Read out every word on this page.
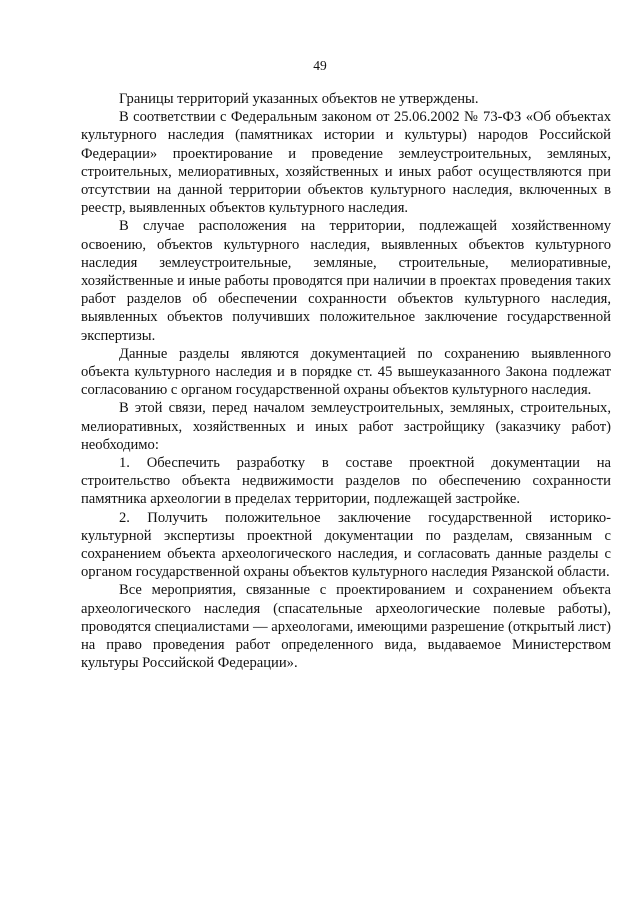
49

Границы территорий указанных объектов не утверждены.

В соответствии с Федеральным законом от 25.06.2002 № 73-ФЗ «Об объектах культурного наследия (памятниках истории и культуры) народов Российской Федерации» проектирование и проведение землеустроительных, земляных, строительных, мелиоративных, хозяйственных и иных работ осуществляются при отсутствии на данной территории объектов культурного наследия, включенных в реестр, выявленных объектов культурного наследия.

В случае расположения на территории, подлежащей хозяйственному освоению, объектов культурного наследия, выявленных объектов культурного наследия землеустроительные, земляные, строительные, мелиоративные, хозяйственные и иные работы проводятся при наличии в проектах проведения таких работ разделов об обеспечении сохранности объектов культурного наследия, выявленных объектов получивших положительное заключение государственной экспертизы.

Данные разделы являются документацией по сохранению выявленного объекта культурного наследия и в порядке ст. 45 вышеуказанного Закона подлежат согласованию с органом государственной охраны объектов культурного наследия.

В этой связи, перед началом землеустроительных, земляных, строительных, мелиоративных, хозяйственных и иных работ застройщику (заказчику работ) необходимо:

1. Обеспечить разработку в составе проектной документации на строительство объекта недвижимости разделов по обеспечению сохранности памятника археологии в пределах территории, подлежащей застройке.

2. Получить положительное заключение государственной историко-культурной экспертизы проектной документации по разделам, связанным с сохранением объекта археологического наследия, и согласовать данные разделы с органом государственной охраны объектов культурного наследия Рязанской области.

Все мероприятия, связанные с проектированием и сохранением объекта археологического наследия (спасательные археологические полевые работы), проводятся специалистами — археологами, имеющими разрешение (открытый лист) на право проведения работ определенного вида, выдаваемое Министерством культуры Российской Федерации».
